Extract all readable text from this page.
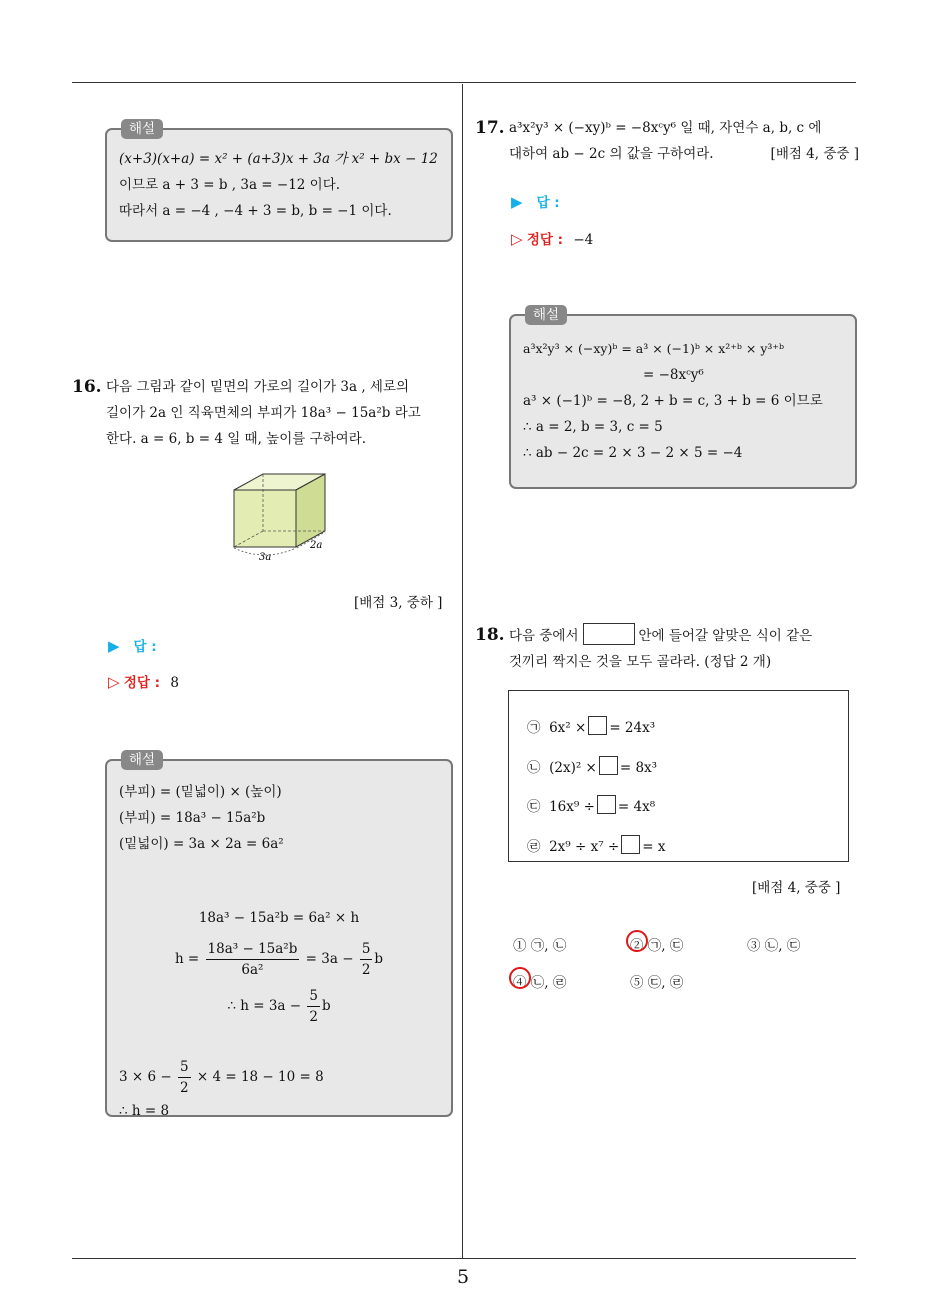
5
해설
(x+3)(x+a) = x² + (a+3)x + 3a 가 x² + bx − 12
이므로 a + 3 = b , 3a = −12 이다.
따라서 a = −4 , −4 + 3 = b, b = −1 이다.
16. 다음 그림과 같이 밑면의 가로의 길이가 3a , 세로의
길이가 2a 인 직육면체의 부피가 18a³ − 15a²b 라고
한다. a = 6, b = 4 일 때, 높이를 구하여라.
3a
2a
[배점 3, 중하 ]
▶ 답 :
▷ 정답 : 8
해설
(부피) = (밑넓이) × (높이)
(부피) = 18a³ − 15a²b
(밑넓이) = 3a × 2a = 6a²
18a³ − 15a²b = 6a² × h
$h = \frac{\text{18a³ − 15a²b}}{\text{6a²}} = 3a - \frac{5}{2}$ b
∴ $h = 3a - \frac{5}{2}$ b
$3 \times 6 - \frac{5}{2} \times 4 = 18 - 10 = 8$
∴ h = 8
17. a³x²y³ × (−xy)ᵇ = −8xᶜy⁶ 일 때, 자연수 a, b, c 에
대하여 ab − 2c 의 값을 구하여라.	[배점 4, 중중 ]
▶ 답 :
▷ 정답 : −4
해설
a³x²y³ × (−xy)ᵇ = a³ × (−1)ᵇ × x²⁺ᵇ × y³⁺ᵇ
= −8xᶜy⁶
a³ × (−1)ᵇ = −8, 2 + b = c, 3 + b = 6 이므로
∴ a = 2, b = 3, c = 5
∴ ab − 2c = 2 × 3 − 2 × 5 = −4
18. 다음 중에서	안에 들어갈 알맞은 식이 같은
것끼리 짝지은 것을 모두 골라라. (정답 2 개)
㉠ 6x² × = 24x³
㉡ (2x)² × = 8x³
㉢ 16x⁹ ÷ = 4x⁸
㉣ 2x⁹ ÷ x⁷ ÷ = x
[배점 4, 중중 ]
① ㉠, ㉡	② ㉠, ㉢	③ ㉡, ㉢
④ ㉡, ㉣	⑤ ㉢, ㉣
